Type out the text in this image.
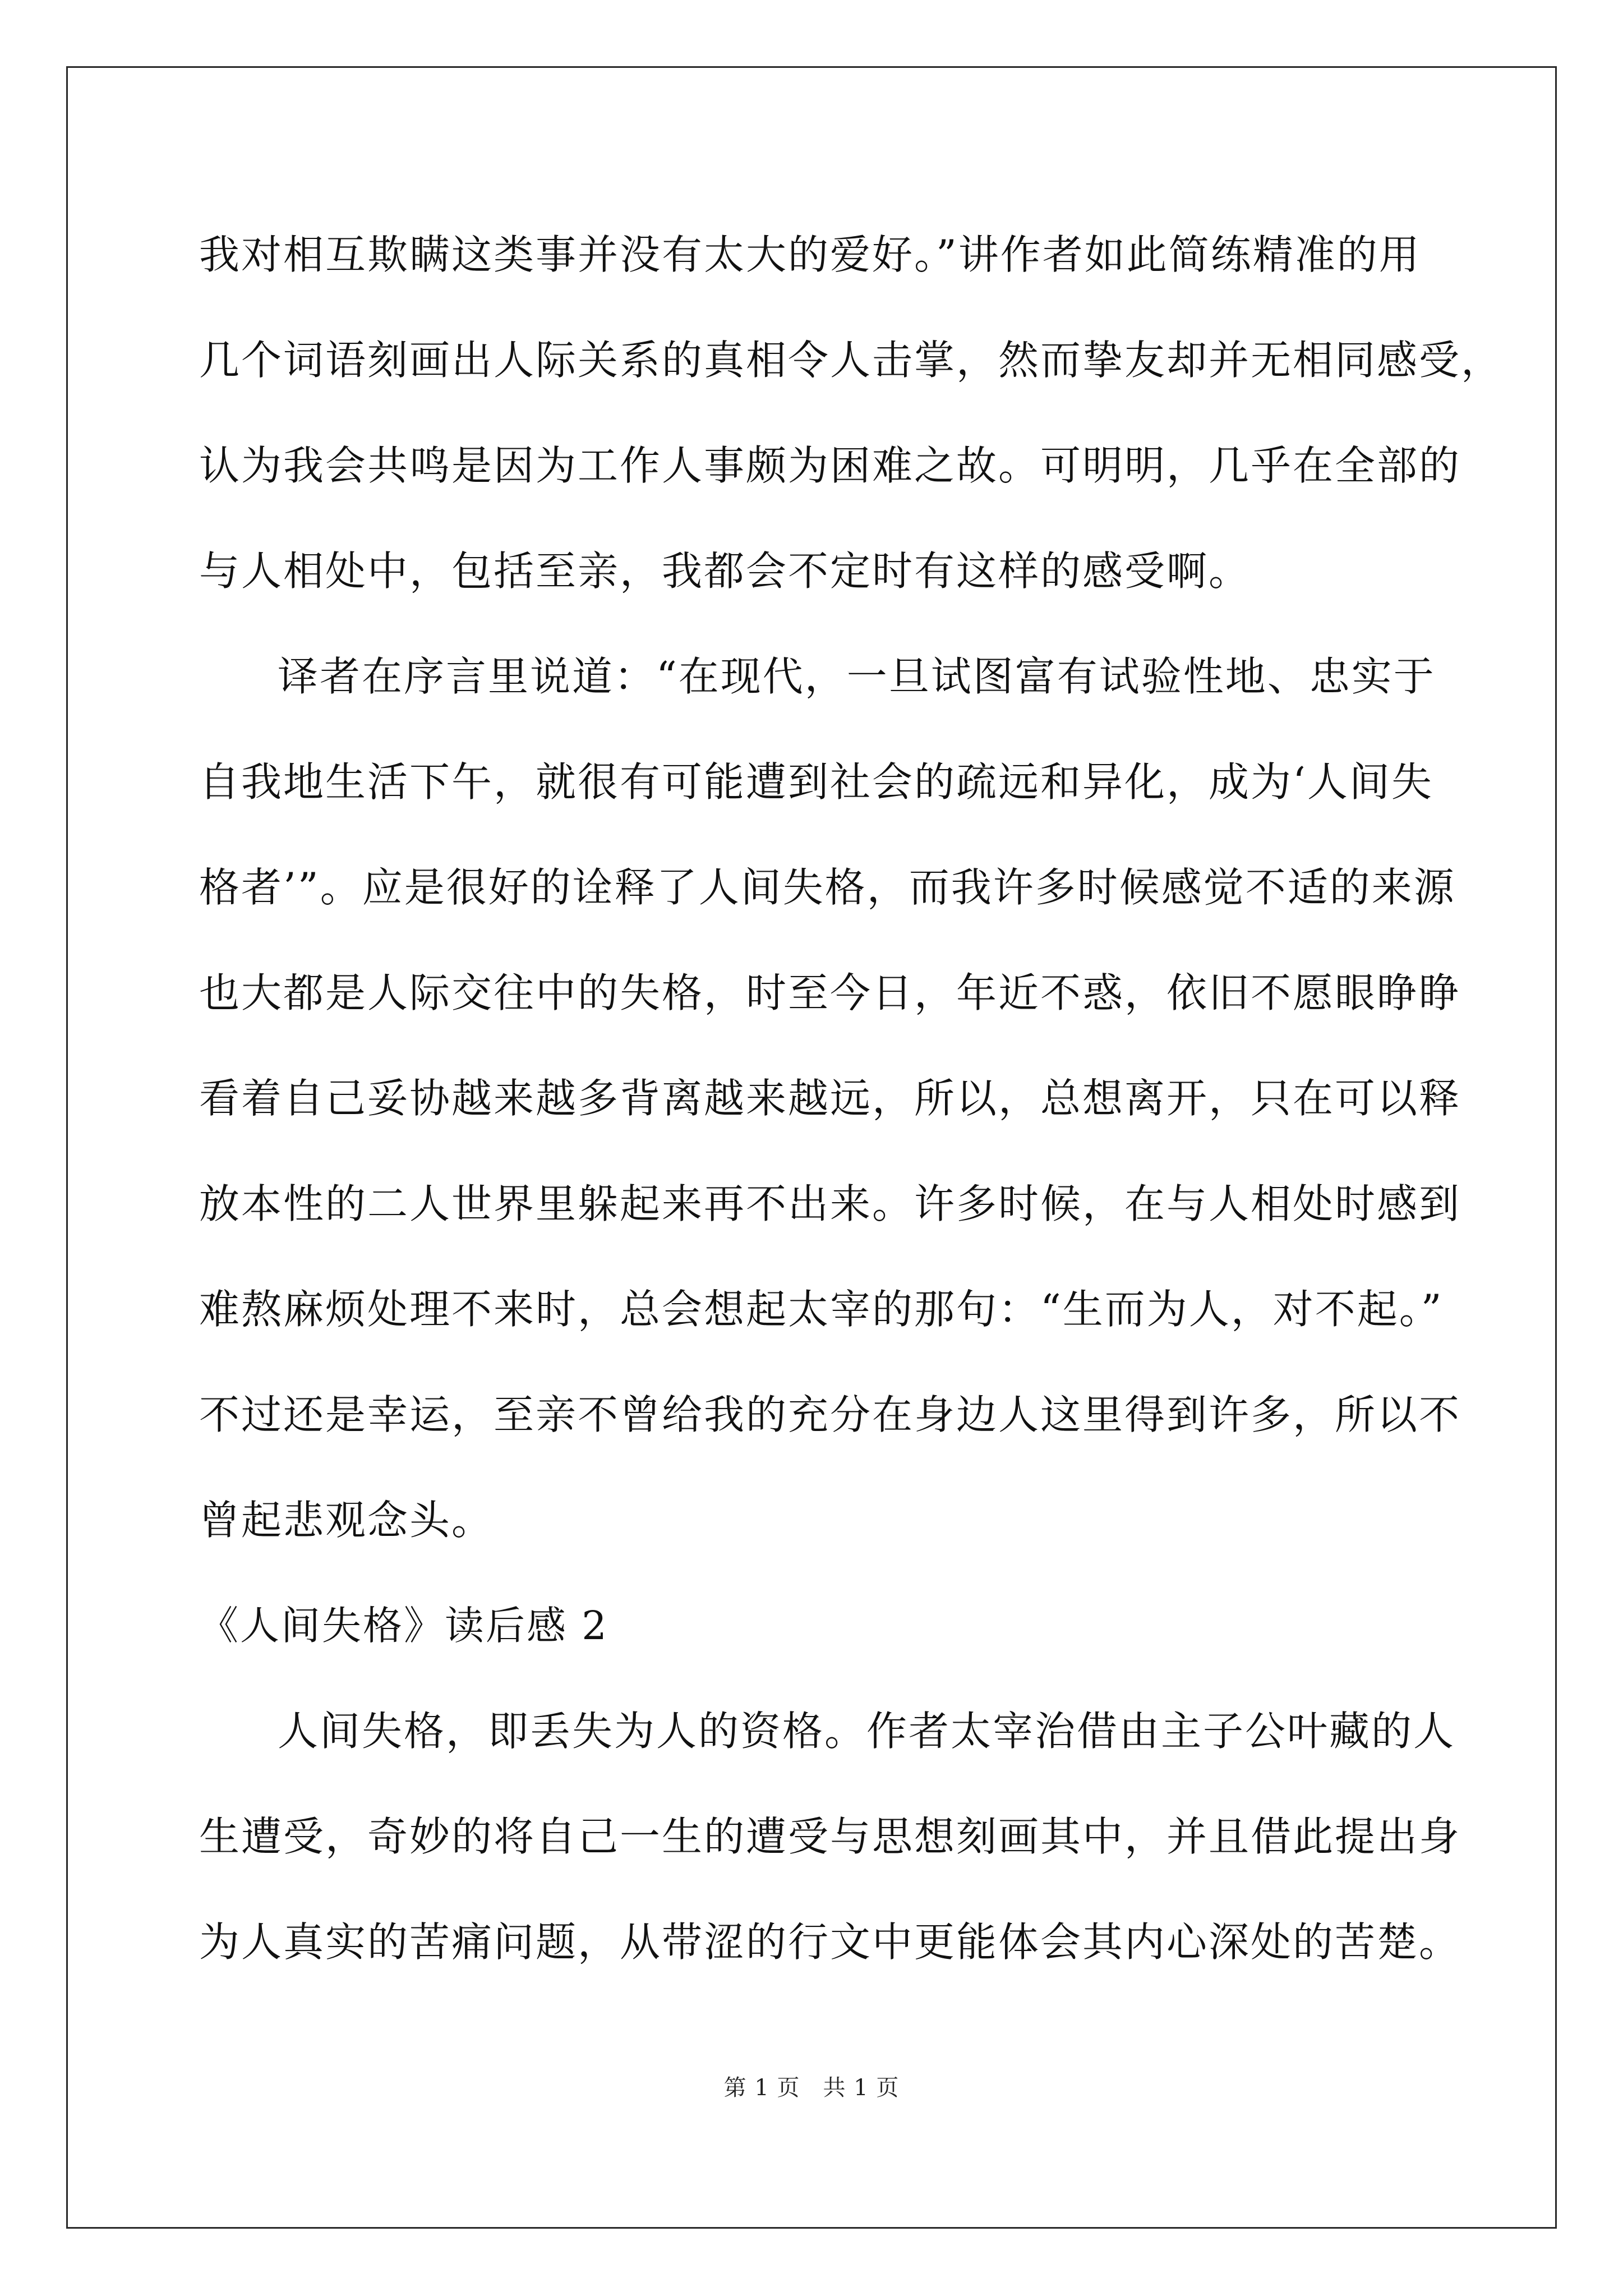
我对相互欺瞒这类事并没有太大的爱好。”讲作者如此简练精准的用
几个词语刻画出人际关系的真相令人击掌，然而挚友却并无相同感受，
认为我会共鸣是因为工作人事颇为困难之故。可明明，几乎在全部的
与人相处中，包括至亲，我都会不定时有这样的感受啊。
译者在序言里说道：“在现代，一旦试图富有试验性地、忠实于
自我地生活下午，就很有可能遭到社会的疏远和异化，成为‘人间失
格者’”。应是很好的诠释了人间失格，而我许多时候感觉不适的来源
也大都是人际交往中的失格，时至今日，年近不惑，依旧不愿眼睁睁
看着自己妥协越来越多背离越来越远，所以，总想离开，只在可以释
放本性的二人世界里躲起来再不出来。许多时候，在与人相处时感到
难熬麻烦处理不来时，总会想起太宰的那句：“生而为人，对不起。”
不过还是幸运，至亲不曾给我的充分在身边人这里得到许多，所以不
曾起悲观念头。
《人间失格》读后感 2
人间失格，即丢失为人的资格。作者太宰治借由主子公叶藏的人
生遭受，奇妙的将自己一生的遭受与思想刻画其中，并且借此提出身
为人真实的苦痛问题，从带涩的行文中更能体会其内心深处的苦楚。
第 1 页　共 1 页
